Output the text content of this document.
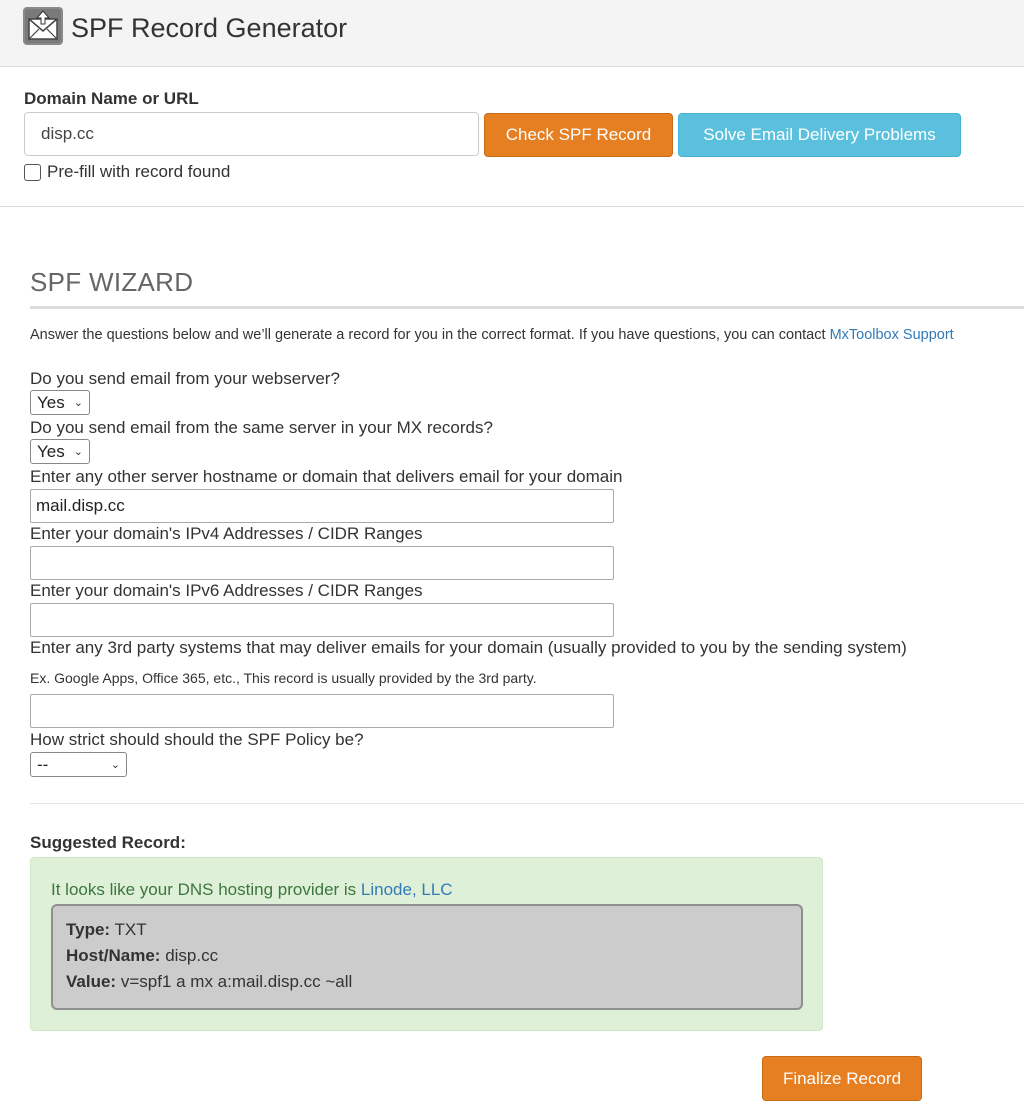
SPF Record Generator
Domain Name or URL
disp.cc
Check SPF Record	Solve Email Delivery Problems
Pre-fill with record found
SPF WIZARD
Answer the questions below and we’ll generate a record for you in the correct format. If you have questions, you can contact MxToolbox Support
Do you send email from your webserver?
Yes ⌄
Do you send email from the same server in your MX records?
Yes ⌄
Enter any other server hostname or domain that delivers email for your domain
mail.disp.cc
Enter your domain's IPv4 Addresses / CIDR Ranges
Enter your domain's IPv6 Addresses / CIDR Ranges
Enter any 3rd party systems that may deliver emails for your domain (usually provided to you by the sending system)
Ex. Google Apps, Office 365, etc., This record is usually provided by the 3rd party.
How strict should should the SPF Policy be?
--	⌄
Suggested Record:
It looks like your DNS hosting provider is Linode, LLC
Type: TXT
Host/Name: disp.cc
Value: v=spf1 a mx a:mail.disp.cc ~all
Finalize Record
